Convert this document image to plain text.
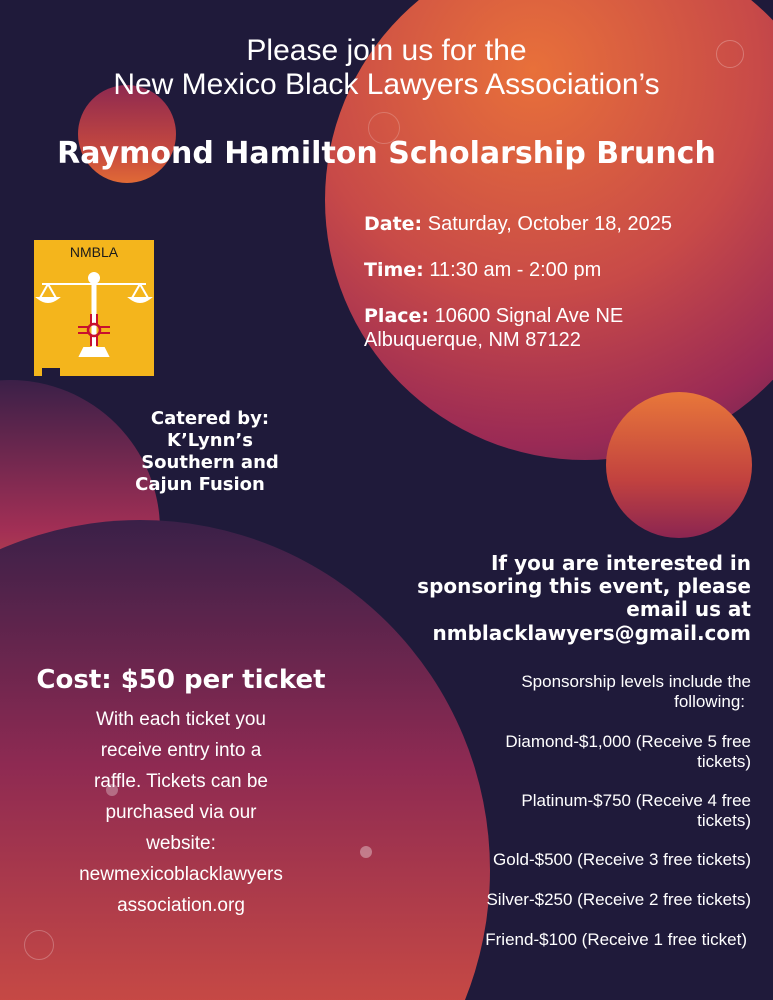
Please join us for the

New Mexico Black Lawyers Association’s

Raymond Hamilton Scholarship Brunch

Date: Saturday, October 18, 2025

Time: 11:30 am - 2:00 pm

Place: 10600 Signal Ave NE

Albuquerque, NM 87122

NMBLA

Catered by:

K’Lynn’s

Southern and

Cajun Fusion

If you are interested in

sponsoring this event, please

email us at

nmblacklawyers@gmail.com

Sponsorship levels include the

following:

Diamond-$1,000 (Receive 5 free

tickets)

Platinum-$750 (Receive 4 free

tickets)

Gold-$500 (Receive 3 free tickets)

Silver-$250 (Receive 2 free tickets)

Friend-$100 (Receive 1 free ticket)

Cost: $50 per ticket

With each ticket you

receive entry into a

raffle. Tickets can be

purchased via our

website:

newmexicoblacklawyers

association.org
